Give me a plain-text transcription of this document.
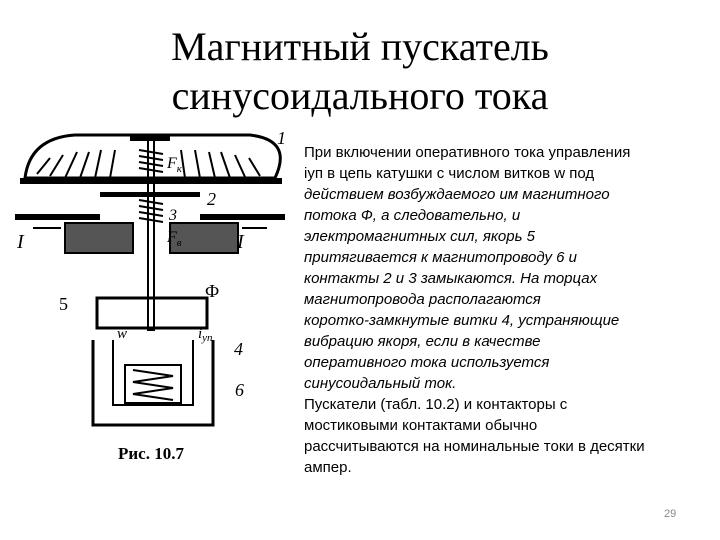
Магнитный пускатель
синусоидального тока
1
2
3
4
5
6
I	I
$F_к$
$F_в$
Ф
w	$i_{уп}$
Рис. 10.7
При включении оперативного тока управления
iуп в цепь катушки с числом витков w под
действием возбуждаемого им магнитного
потока Ф, а следовательно, и
электромагнитных сил, якорь 5
притягивается к магнитопроводу 6 и
контакты 2 и 3 замыкаются. На торцах
магнитопровода располагаются
коротко-замкнутые витки 4, устраняющие
вибрацию якоря, если в качестве
оперативного тока используется
синусоидальный ток.
Пускатели (табл. 10.2) и контакторы с
мостиковыми контактами обычно
рассчитываются на номинальные токи в десятки
ампер.
29
